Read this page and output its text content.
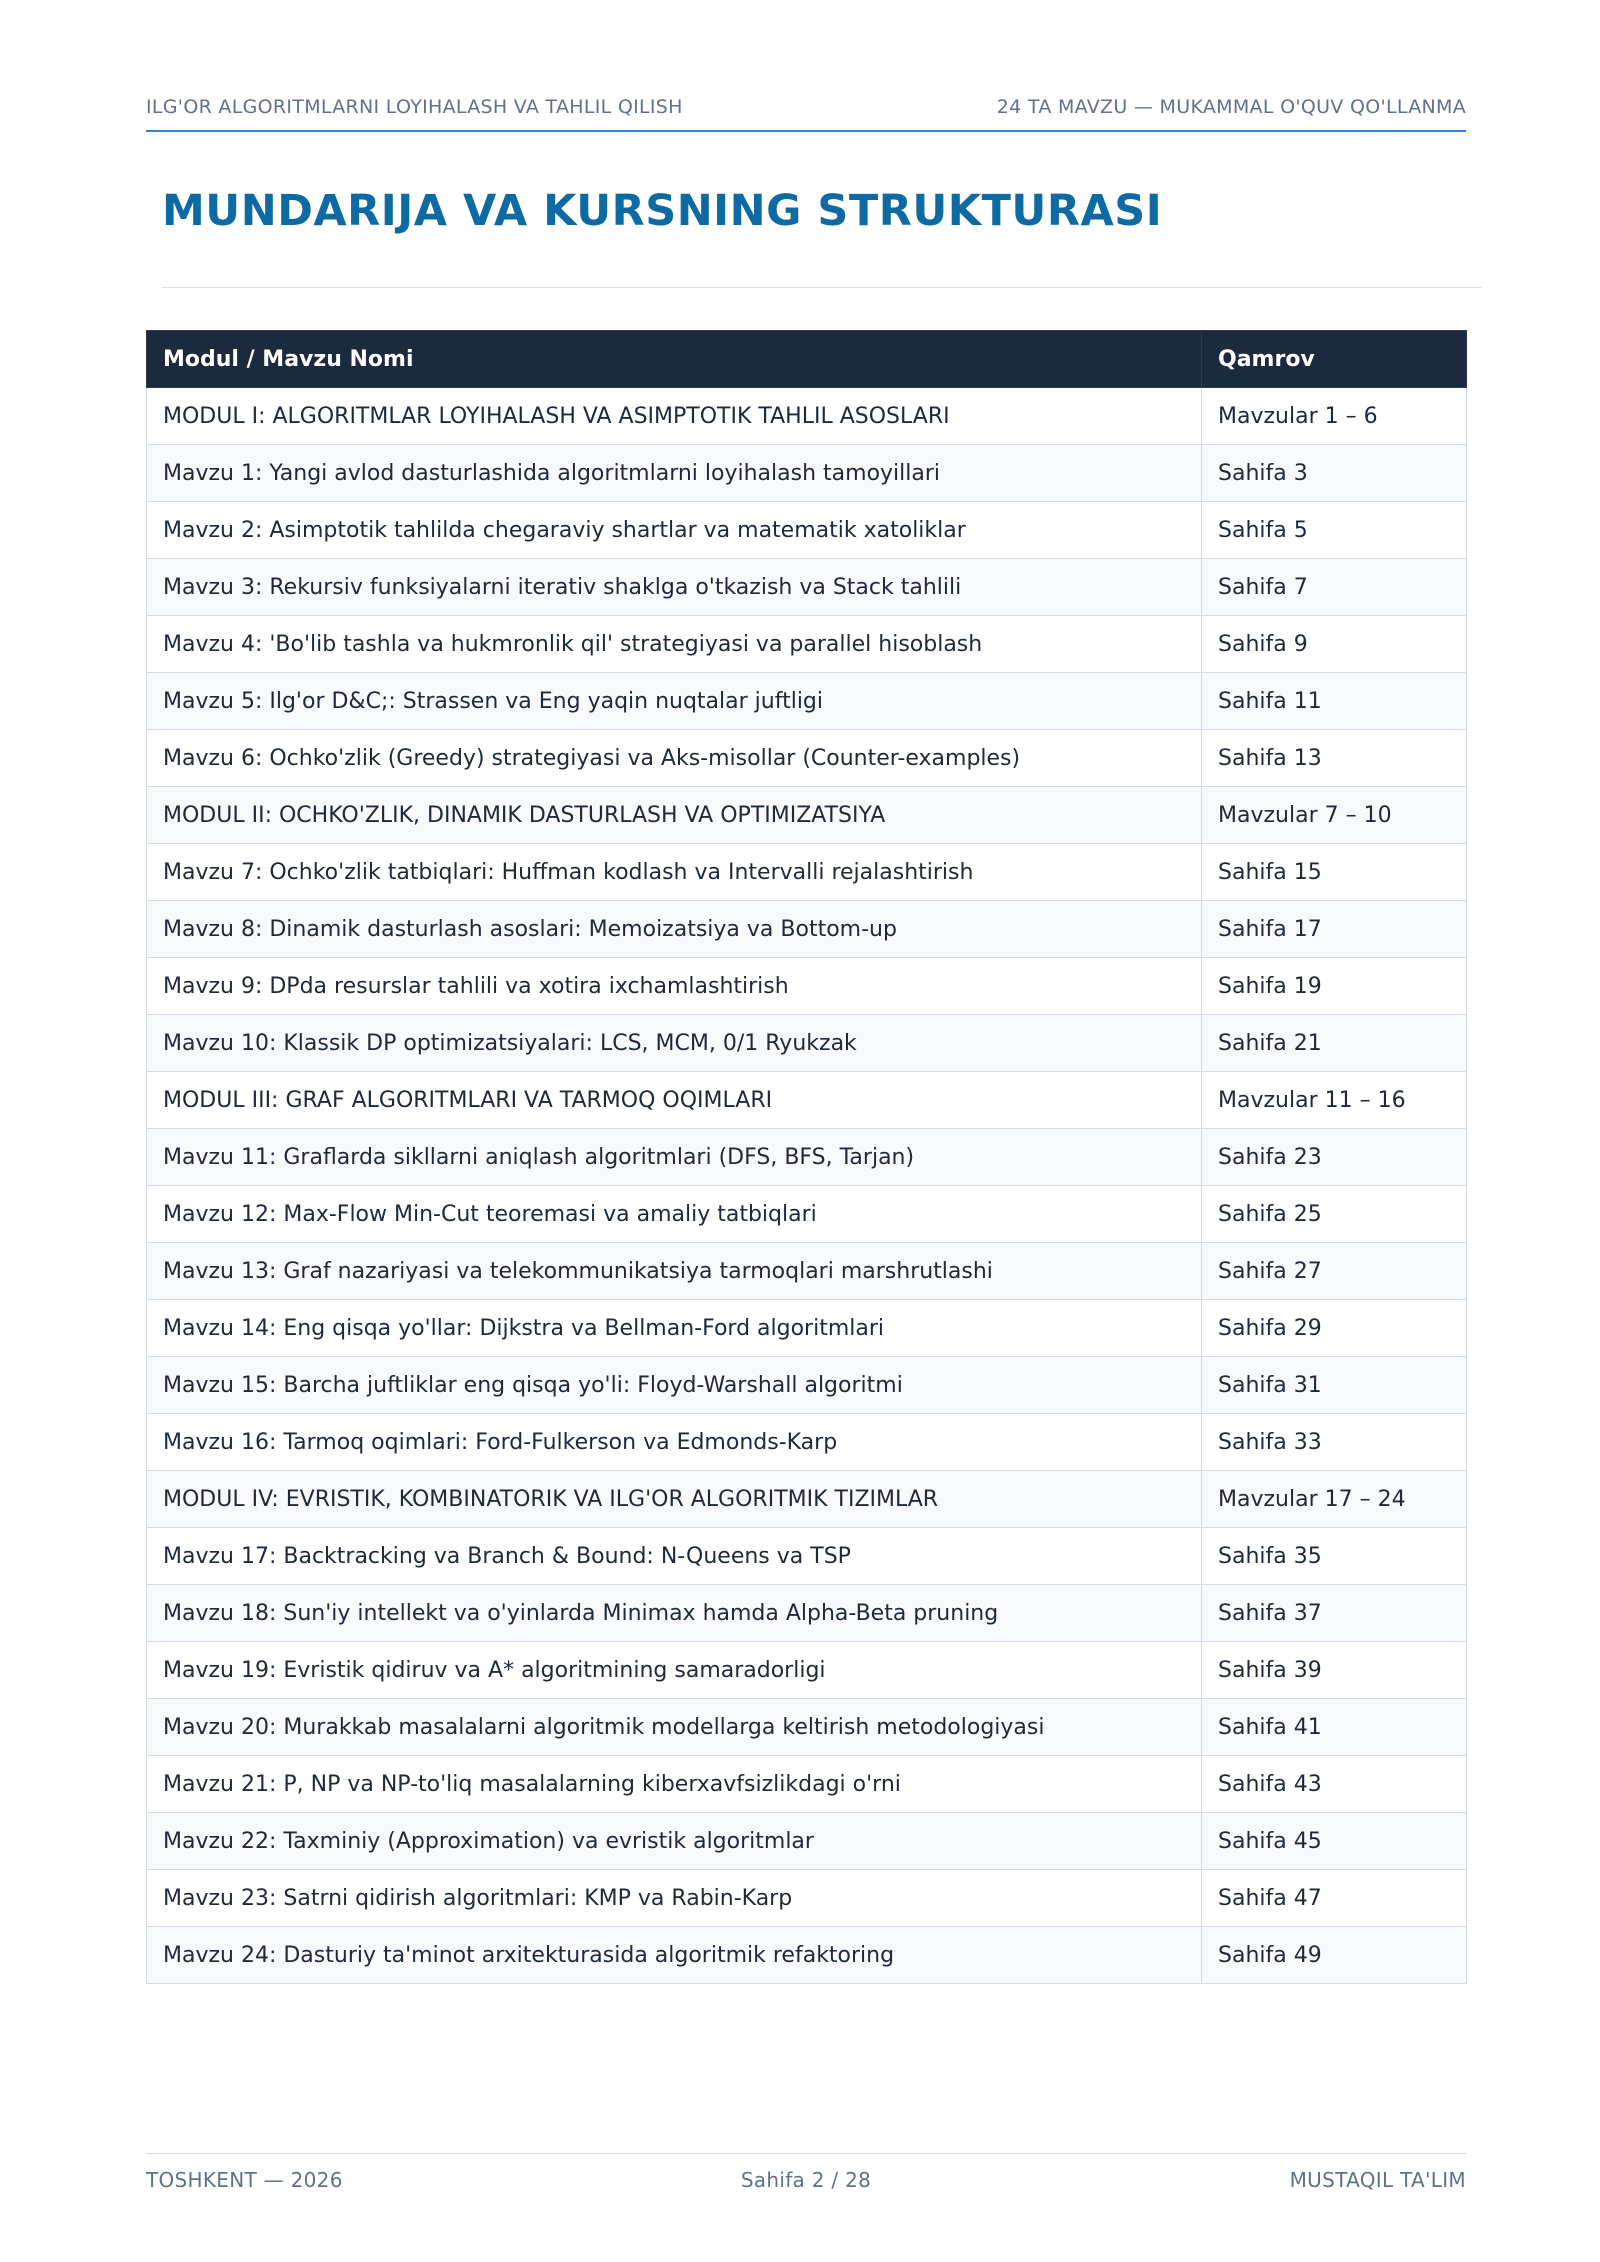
ILG'OR ALGORITMLARNI LOYIHALASH VA TAHLIL QILISH	24 TA MAVZU — MUKAMMAL O'QUV QO'LLANMA
MUNDARIJA VA KURSNING STRUKTURASI
Modul / Mavzu Nomi	Qamrov
MODUL I: ALGORITMLAR LOYIHALASH VA ASIMPTOTIK TAHLIL ASOSLARI	Mavzular 1 – 6
Mavzu 1: Yangi avlod dasturlashida algoritmlarni loyihalash tamoyillari	Sahifa 3
Mavzu 2: Asimptotik tahlilda chegaraviy shartlar va matematik xatoliklar	Sahifa 5
Mavzu 3: Rekursiv funksiyalarni iterativ shaklga o'tkazish va Stack tahlili	Sahifa 7
Mavzu 4: 'Bo'lib tashla va hukmronlik qil' strategiyasi va parallel hisoblash	Sahifa 9
Mavzu 5: Ilg'or D&C;: Strassen va Eng yaqin nuqtalar juftligi	Sahifa 11
Mavzu 6: Ochko'zlik (Greedy) strategiyasi va Aks-misollar (Counter-examples)	Sahifa 13
MODUL II: OCHKO'ZLIK, DINAMIK DASTURLASH VA OPTIMIZATSIYA	Mavzular 7 – 10
Mavzu 7: Ochko'zlik tatbiqlari: Huffman kodlash va Intervalli rejalashtirish	Sahifa 15
Mavzu 8: Dinamik dasturlash asoslari: Memoizatsiya va Bottom-up	Sahifa 17
Mavzu 9: DPda resurslar tahlili va xotira ixchamlashtirish	Sahifa 19
Mavzu 10: Klassik DP optimizatsiyalari: LCS, MCM, 0/1 Ryukzak	Sahifa 21
MODUL III: GRAF ALGORITMLARI VA TARMOQ OQIMLARI	Mavzular 11 – 16
Mavzu 11: Graflarda sikllarni aniqlash algoritmlari (DFS, BFS, Tarjan)	Sahifa 23
Mavzu 12: Max-Flow Min-Cut teoremasi va amaliy tatbiqlari	Sahifa 25
Mavzu 13: Graf nazariyasi va telekommunikatsiya tarmoqlari marshrutlashi	Sahifa 27
Mavzu 14: Eng qisqa yo'llar: Dijkstra va Bellman-Ford algoritmlari	Sahifa 29
Mavzu 15: Barcha juftliklar eng qisqa yo'li: Floyd-Warshall algoritmi	Sahifa 31
Mavzu 16: Tarmoq oqimlari: Ford-Fulkerson va Edmonds-Karp	Sahifa 33
MODUL IV: EVRISTIK, KOMBINATORIK VA ILG'OR ALGORITMIK TIZIMLAR	Mavzular 17 – 24
Mavzu 17: Backtracking va Branch & Bound: N-Queens va TSP	Sahifa 35
Mavzu 18: Sun'iy intellekt va o'yinlarda Minimax hamda Alpha-Beta pruning	Sahifa 37
Mavzu 19: Evristik qidiruv va A* algoritmining samaradorligi	Sahifa 39
Mavzu 20: Murakkab masalalarni algoritmik modellarga keltirish metodologiyasi	Sahifa 41
Mavzu 21: P, NP va NP-to'liq masalalarning kiberxavfsizlikdagi o'rni	Sahifa 43
Mavzu 22: Taxminiy (Approximation) va evristik algoritmlar	Sahifa 45
Mavzu 23: Satrni qidirish algoritmlari: KMP va Rabin-Karp	Sahifa 47
Mavzu 24: Dasturiy ta'minot arxitekturasida algoritmik refaktoring	Sahifa 49
TOSHKENT — 2026	Sahifa 2 / 28	MUSTAQIL TA'LIM
